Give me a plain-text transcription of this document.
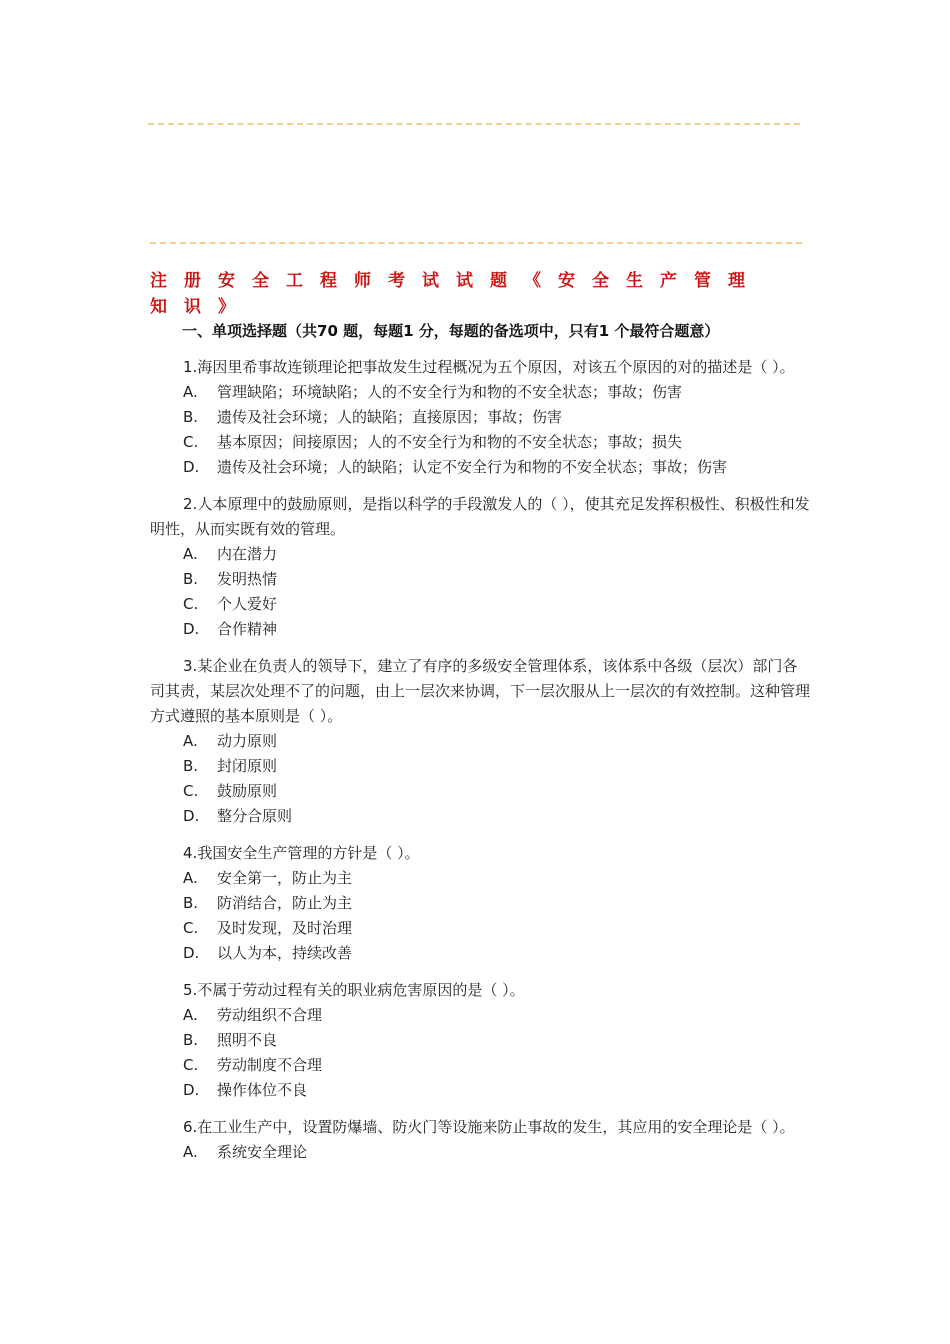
注册安全工程师考试试题《安全生产管理知识》
一、单项选择题（共70 题，每题1 分，每题的备选项中，只有1 个最符合题意）

1.海因里希事故连锁理论把事故发生过程概况为五个原因，对该五个原因的对的描述是（ ）。

A.	管理缺陷；环境缺陷；人的不安全行为和物的不安全状态；事故；伤害
B.	遗传及社会环境；人的缺陷；直接原因；事故；伤害
C.	基本原因；间接原因；人的不安全行为和物的不安全状态；事故；损失
D.	遗传及社会环境；人的缺陷；认定不安全行为和物的不安全状态；事故；伤害

2.人本原理中的鼓励原则，是指以科学的手段激发人的（ ），使其充足发挥积极性、积极性和发明性，从而实既有效的管理。

A.	内在潜力
B.	发明热情
C.	个人爱好
D.	合作精神

3.某企业在负责人的领导下，建立了有序的多级安全管理体系，该体系中各级（层次）部门各司其责，某层次处理不了的问题，由上一层次来协调，下一层次服从上一层次的有效控制。这种管理方式遵照的基本原则是（ ）。

A.	动力原则
B.	封闭原则
C.	鼓励原则
D.	整分合原则

4.我国安全生产管理的方针是（ ）。

A.	安全第一，防止为主
B.	防消结合，防止为主
C.	及时发现，及时治理
D.	以人为本，持续改善

5.不属于劳动过程有关的职业病危害原因的是（ ）。

A.	劳动组织不合理
B.	照明不良
C.	劳动制度不合理
D.	操作体位不良

6.在工业生产中，设置防爆墙、防火门等设施来防止事故的发生，其应用的安全理论是（ ）。

A.	系统安全理论
